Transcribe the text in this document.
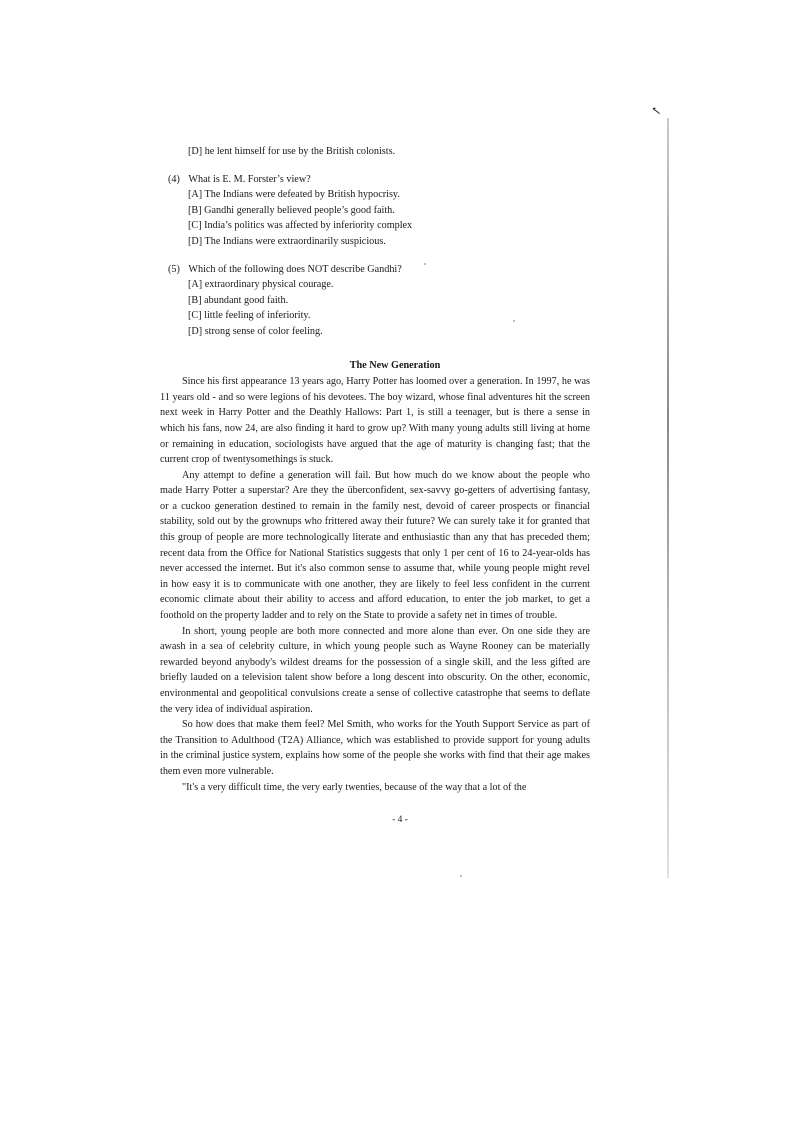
✓
[D] he lent himself for use by the British colonists.
(4) What is E. M. Forster’s view?
[A] The Indians were defeated by British hypocrisy.
[B] Gandhi generally believed people’s good faith.
[C] India’s politics was affected by inferiority complex
[D] The Indians were extraordinarily suspicious.
(5) Which of the following does NOT describe Gandhi?
[A] extraordinary physical courage.
[B] abundant good faith.
[C] little feeling of inferiority.
[D] strong sense of color feeling.
The New Generation

Since his first appearance 13 years ago, Harry Potter has loomed over a generation. In 1997, he was 11 years old - and so were legions of his devotees. The boy wizard, whose final adventures hit the screen next week in Harry Potter and the Deathly Hallows: Part 1, is still a teenager, but is there a sense in which his fans, now 24, are also finding it hard to grow up? With many young adults still living at home or remaining in education, sociologists have argued that the age of maturity is changing fast; that the current crop of twentysomethings is stuck.

Any attempt to define a generation will fail. But how much do we know about the people who made Harry Potter a superstar? Are they the überconfident, sex-savvy go-getters of advertising fantasy, or a cuckoo generation destined to remain in the family nest, devoid of career prospects or financial stability, sold out by the grownups who frittered away their future? We can surely take it for granted that this group of people are more technologically literate and enthusiastic than any that has preceded them; recent data from the Office for National Statistics suggests that only 1 per cent of 16 to 24-year-olds has never accessed the internet. But it's also common sense to assume that, while young people might revel in how easy it is to communicate with one another, they are likely to feel less confident in the current economic climate about their ability to access and afford education, to enter the job market, to get a foothold on the property ladder and to rely on the State to provide a safety net in times of trouble.

In short, young people are both more connected and more alone than ever. On one side they are awash in a sea of celebrity culture, in which young people such as Wayne Rooney can be materially rewarded beyond anybody's wildest dreams for the possession of a single skill, and the less gifted are briefly lauded on a television talent show before a long descent into obscurity. On the other, economic, environmental and geopolitical convulsions create a sense of collective catastrophe that seems to deflate the very idea of individual aspiration.

So how does that make them feel? Mel Smith, who works for the Youth Support Service as part of the Transition to Adulthood (T2A) Alliance, which was established to provide support for young adults in the criminal justice system, explains how some of the people she works with find that their age makes them even more vulnerable.

"It's a very difficult time, the very early twenties, because of the way that a lot of the

- 4 -
